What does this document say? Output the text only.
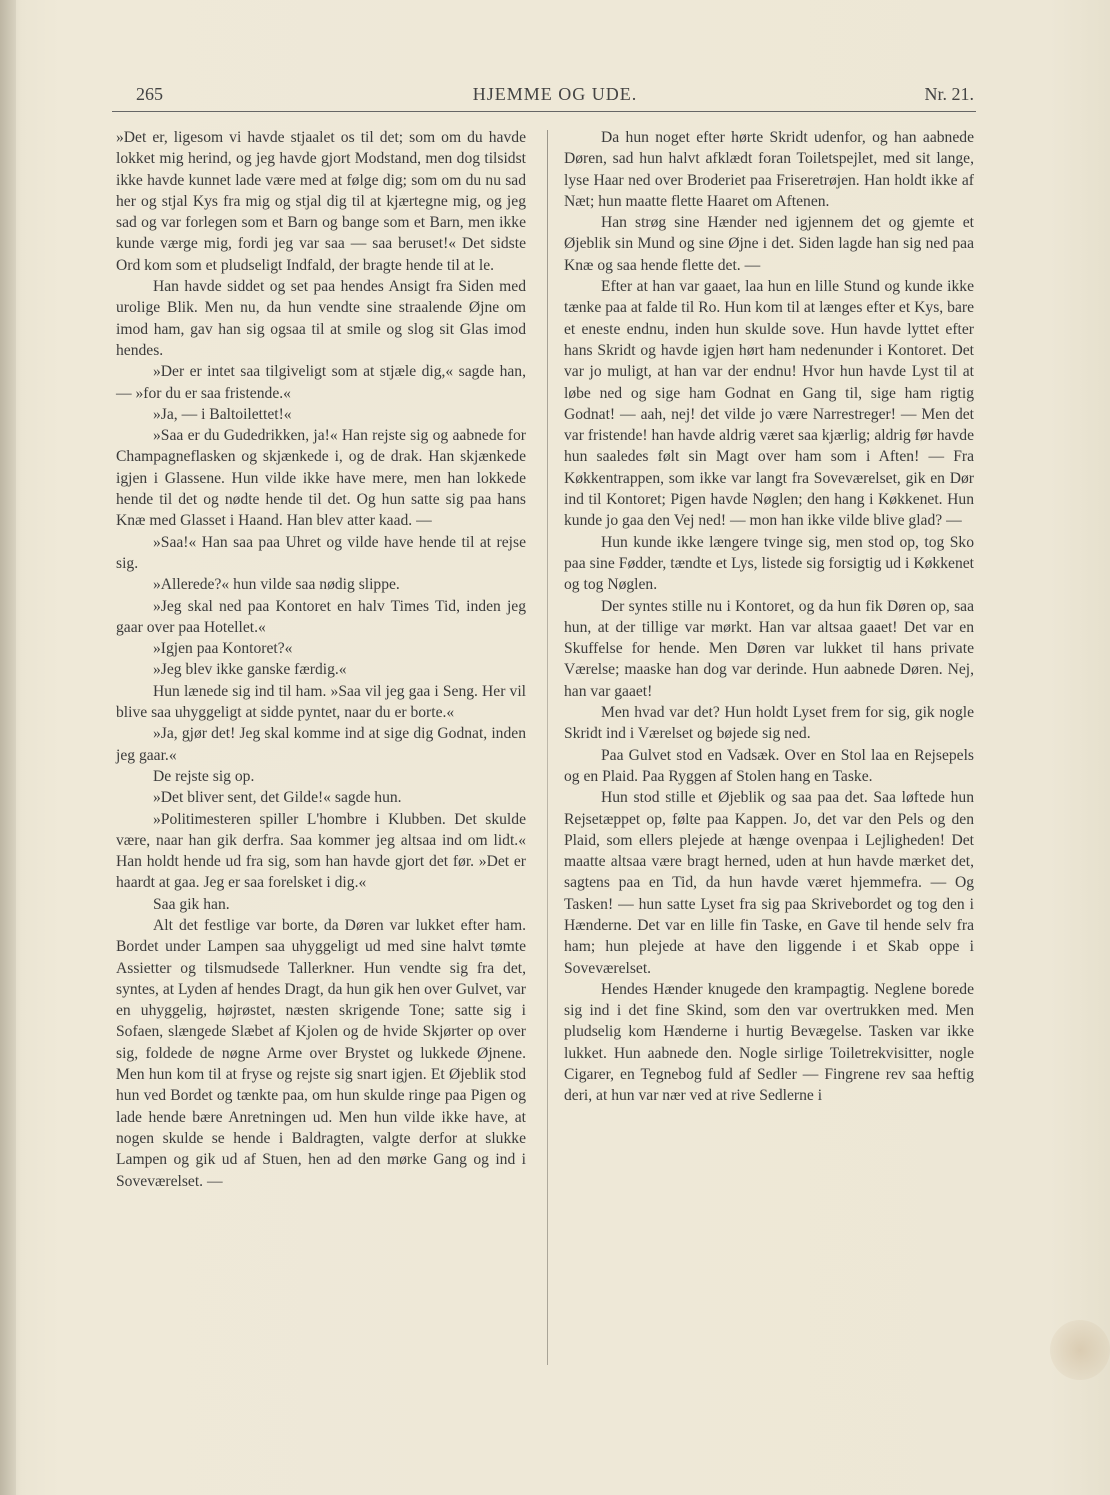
265	HJEMME OG UDE.	Nr. 21.

»Det er, ligesom vi havde stjaalet os til det; som om du havde lokket mig herind, og jeg havde gjort Modstand, men dog tilsidst ikke havde kunnet lade være med at følge dig; som om du nu sad her og stjal Kys fra mig og stjal dig til at kjærtegne mig, og jeg sad og var forlegen som et Barn og bange som et Barn, men ikke kunde værge mig, fordi jeg var saa — saa beruset!« Det sidste Ord kom som et pludseligt Indfald, der bragte hende til at le.

Han havde siddet og set paa hendes Ansigt fra Siden med urolige Blik. Men nu, da hun vendte sine straalende Øjne om imod ham, gav han sig ogsaa til at smile og slog sit Glas imod hendes.

»Der er intet saa tilgiveligt som at stjæle dig,« sagde han, — »for du er saa fristende.«

»Ja, — i Baltoilettet!«

»Saa er du Gudedrikken, ja!« Han rejste sig og aabnede for Champagneflasken og skjænkede i, og de drak. Han skjænkede igjen i Glassene. Hun vilde ikke have mere, men han lokkede hende til det og nødte hende til det. Og hun satte sig paa hans Knæ med Glasset i Haand. Han blev atter kaad. —

»Saa!« Han saa paa Uhret og vilde have hende til at rejse sig.

»Allerede?« hun vilde saa nødig slippe.

»Jeg skal ned paa Kontoret en halv Times Tid, inden jeg gaar over paa Hotellet.«

»Igjen paa Kontoret?«

»Jeg blev ikke ganske færdig.«

Hun lænede sig ind til ham. »Saa vil jeg gaa i Seng. Her vil blive saa uhyggeligt at sidde pyntet, naar du er borte.«

»Ja, gjør det! Jeg skal komme ind at sige dig Godnat, inden jeg gaar.«

De rejste sig op.

»Det bliver sent, det Gilde!« sagde hun.

»Politimesteren spiller L'hombre i Klubben. Det skulde være, naar han gik derfra. Saa kommer jeg altsaa ind om lidt.« Han holdt hende ud fra sig, som han havde gjort det før. »Det er haardt at gaa. Jeg er saa forelsket i dig.«

Saa gik han.

Alt det festlige var borte, da Døren var lukket efter ham. Bordet under Lampen saa uhyggeligt ud med sine halvt tømte Assietter og tilsmudsede Tallerkner. Hun vendte sig fra det, syntes, at Lyden af hendes Dragt, da hun gik hen over Gulvet, var en uhyggelig, højrøstet, næsten skrigende Tone; satte sig i Sofaen, slængede Slæbet af Kjolen og de hvide Skjørter op over sig, foldede de nøgne Arme over Brystet og lukkede Øjnene. Men hun kom til at fryse og rejste sig snart igjen. Et Øjeblik stod hun ved Bordet og tænkte paa, om hun skulde ringe paa Pigen og lade hende bære Anretningen ud. Men hun vilde ikke have, at nogen skulde se hende i Baldragten, valgte derfor at slukke Lampen og gik ud af Stuen, hen ad den mørke Gang og ind i Soveværelset. —

Da hun noget efter hørte Skridt udenfor, og han aabnede Døren, sad hun halvt afklædt foran Toiletspejlet, med sit lange, lyse Haar ned over Broderiet paa Friseretrøjen. Han holdt ikke af Næt; hun maatte flette Haaret om Aftenen.

Han strøg sine Hænder ned igjennem det og gjemte et Øjeblik sin Mund og sine Øjne i det. Siden lagde han sig ned paa Knæ og saa hende flette det. —

Efter at han var gaaet, laa hun en lille Stund og kunde ikke tænke paa at falde til Ro. Hun kom til at længes efter et Kys, bare et eneste endnu, inden hun skulde sove. Hun havde lyttet efter hans Skridt og havde igjen hørt ham nedenunder i Kontoret. Det var jo muligt, at han var der endnu! Hvor hun havde Lyst til at løbe ned og sige ham Godnat en Gang til, sige ham rigtig Godnat! — aah, nej! det vilde jo være Narrestreger! — Men det var fristende! han havde aldrig været saa kjærlig; aldrig før havde hun saaledes følt sin Magt over ham som i Aften! — Fra Køkkentrappen, som ikke var langt fra Soveværelset, gik en Dør ind til Kontoret; Pigen havde Nøglen; den hang i Køkkenet. Hun kunde jo gaa den Vej ned! — mon han ikke vilde blive glad? —

Hun kunde ikke længere tvinge sig, men stod op, tog Sko paa sine Fødder, tændte et Lys, listede sig forsigtig ud i Køkkenet og tog Nøglen.

Der syntes stille nu i Kontoret, og da hun fik Døren op, saa hun, at der tillige var mørkt. Han var altsaa gaaet! Det var en Skuffelse for hende. Men Døren var lukket til hans private Værelse; maaske han dog var derinde. Hun aabnede Døren. Nej, han var gaaet!

Men hvad var det? Hun holdt Lyset frem for sig, gik nogle Skridt ind i Værelset og bøjede sig ned.

Paa Gulvet stod en Vadsæk. Over en Stol laa en Rejsepels og en Plaid. Paa Ryggen af Stolen hang en Taske.

Hun stod stille et Øjeblik og saa paa det. Saa løftede hun Rejsetæppet op, følte paa Kappen. Jo, det var den Pels og den Plaid, som ellers plejede at hænge ovenpaa i Lejligheden! Det maatte altsaa være bragt herned, uden at hun havde mærket det, sagtens paa en Tid, da hun havde været hjemmefra. — Og Tasken! — hun satte Lyset fra sig paa Skrivebordet og tog den i Hænderne. Det var en lille fin Taske, en Gave til hende selv fra ham; hun plejede at have den liggende i et Skab oppe i Soveværelset.

Hendes Hænder knugede den krampagtig. Neglene borede sig ind i det fine Skind, som den var overtrukken med. Men pludselig kom Hænderne i hurtig Bevægelse. Tasken var ikke lukket. Hun aabnede den. Nogle sirlige Toiletrekvisitter, nogle Cigarer, en Tegnebog fuld af Sedler — Fingrene rev saa heftig deri, at hun var nær ved at rive Sedlerne i
